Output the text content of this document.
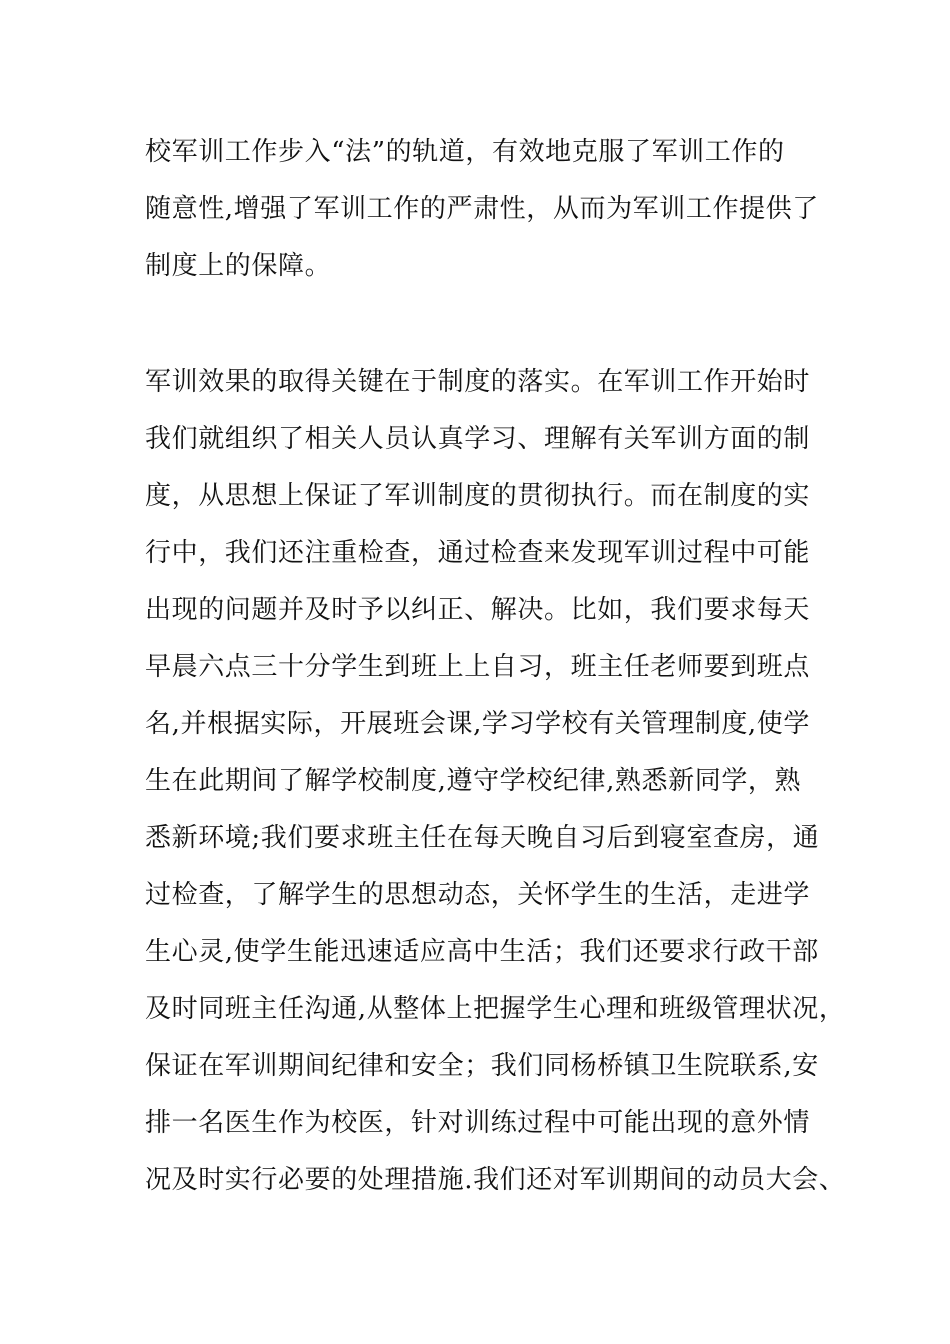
校军训工作步入“法”的轨道，有效地克服了军训工作的
随意性,增强了军训工作的严肃性，从而为军训工作提供了
制度上的保障。
军训效果的取得关键在于制度的落实。在军训工作开始时
我们就组织了相关人员认真学习、理解有关军训方面的制
度，从思想上保证了军训制度的贯彻执行。而在制度的实
行中，我们还注重检查，通过检查来发现军训过程中可能
出现的问题并及时予以纠正、解决。比如，我们要求每天
早晨六点三十分学生到班上上自习，班主任老师要到班点
名,并根据实际，开展班会课,学习学校有关管理制度,使学
生在此期间了解学校制度,遵守学校纪律,熟悉新同学，熟
悉新环境;我们要求班主任在每天晚自习后到寝室查房，通
过检查，了解学生的思想动态，关怀学生的生活，走进学
生心灵,使学生能迅速适应高中生活；我们还要求行政干部
及时同班主任沟通,从整体上把握学生心理和班级管理状况，
保证在军训期间纪律和安全；我们同杨桥镇卫生院联系,安
排一名医生作为校医，针对训练过程中可能出现的意外情
况及时实行必要的处理措施.我们还对军训期间的动员大会、
